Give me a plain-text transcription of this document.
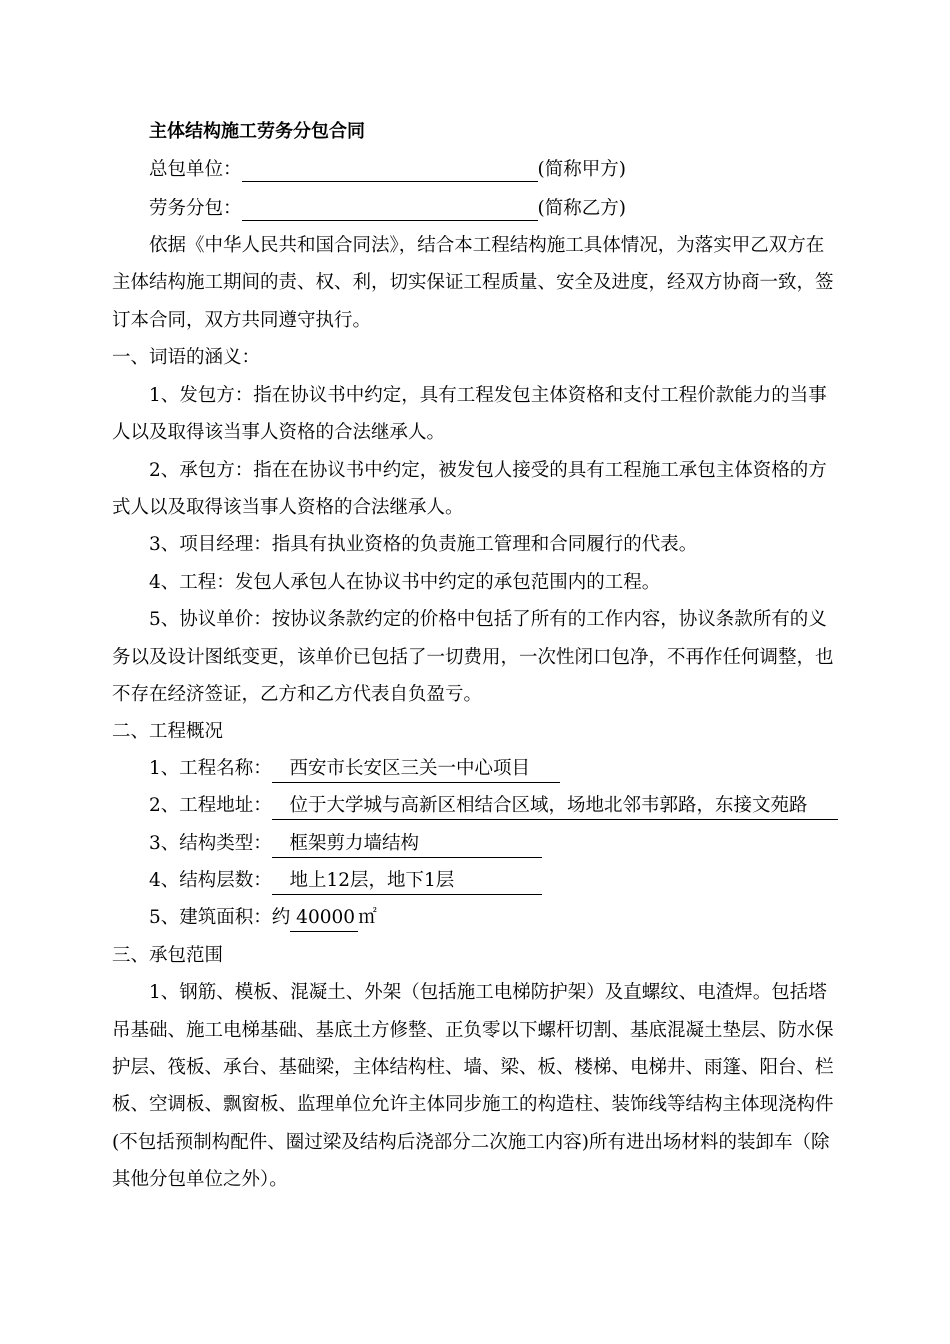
主体结构施工劳务分包合同
总包单位：	(简称甲方)
劳务分包：	(简称乙方)
依据《中华人民共和国合同法》，结合本工程结构施工具体情况，为落实甲乙双方在
主体结构施工期间的责、权、利，切实保证工程质量、安全及进度，经双方协商一致，签
订本合同，双方共同遵守执行。
一、词语的涵义：
1、发包方：指在协议书中约定，具有工程发包主体资格和支付工程价款能力的当事
人以及取得该当事人资格的合法继承人。
2、承包方：指在在协议书中约定，被发包人接受的具有工程施工承包主体资格的方
式人以及取得该当事人资格的合法继承人。
3、项目经理：指具有执业资格的负责施工管理和合同履行的代表。
4、工程：发包人承包人在协议书中约定的承包范围内的工程。
5、协议单价：按协议条款约定的价格中包括了所有的工作内容，协议条款所有的义
务以及设计图纸变更，该单价已包括了一切费用，一次性闭口包净，不再作任何调整，也
不存在经济签证，乙方和乙方代表自负盈亏。
二、工程概况
1、工程名称： 西安市长安区三关一中心项目
2、工程地址： 位于大学城与高新区相结合区域，场地北邻韦郭路，东接文苑路
3、结构类型： 框架剪力墙结构
4、结构层数： 地上12层，地下1层
5、建筑面积：约 40000 ㎡
三、承包范围
1、钢筋、模板、混凝土、外架（包括施工电梯防护架）及直螺纹、电渣焊。包括塔
吊基础、施工电梯基础、基底土方修整、正负零以下螺杆切割、基底混凝土垫层、防水保
护层、筏板、承台、基础梁，主体结构柱、墙、梁、板、楼梯、电梯井、雨篷、阳台、栏
板、空调板、飘窗板、监理单位允许主体同步施工的构造柱、装饰线等结构主体现浇构件
(不包括预制构配件、圈过梁及结构后浇部分二次施工内容)所有进出场材料的装卸车（除
其他分包单位之外）。
